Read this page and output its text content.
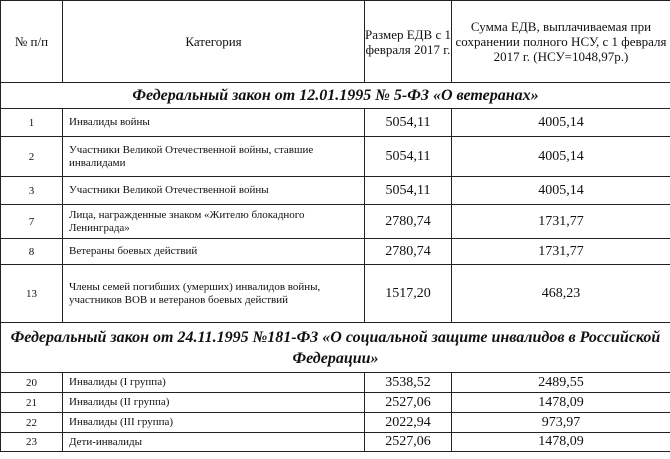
№ п/п	Категория	Размер ЕДВ с 1 февраля 2017 г.	Сумма ЕДВ, выплачиваемая при сохранении полного НСУ, с 1 февраля 2017 г. (НСУ=1048,97р.)
Федеральный закон от 12.01.1995 № 5-ФЗ «О ветеранах»			
1	Инвалиды войны	5054,11	4005,14
2	Участники Великой Отечественной войны, ставшие инвалидами	5054,11	4005,14
3	Участники Великой Отечественной войны	5054,11	4005,14
7	Лица, награжденные знаком «Жителю блокадного Ленинграда»	2780,74	1731,77
8	Ветераны боевых действий	2780,74	1731,77
13	Члены семей погибших (умерших) инвалидов войны, участников ВОВ и ветеранов боевых действий	1517,20	468,23
Федеральный закон от 24.11.1995 №181-ФЗ «О социальной защите инвалидов в Российской Федерации»			
20	Инвалиды (I группа)	3538,52	2489,55
21	Инвалиды (II группа)	2527,06	1478,09
22	Инвалиды (III группа)	2022,94	973,97
23	Дети-инвалиды	2527,06	1478,09
